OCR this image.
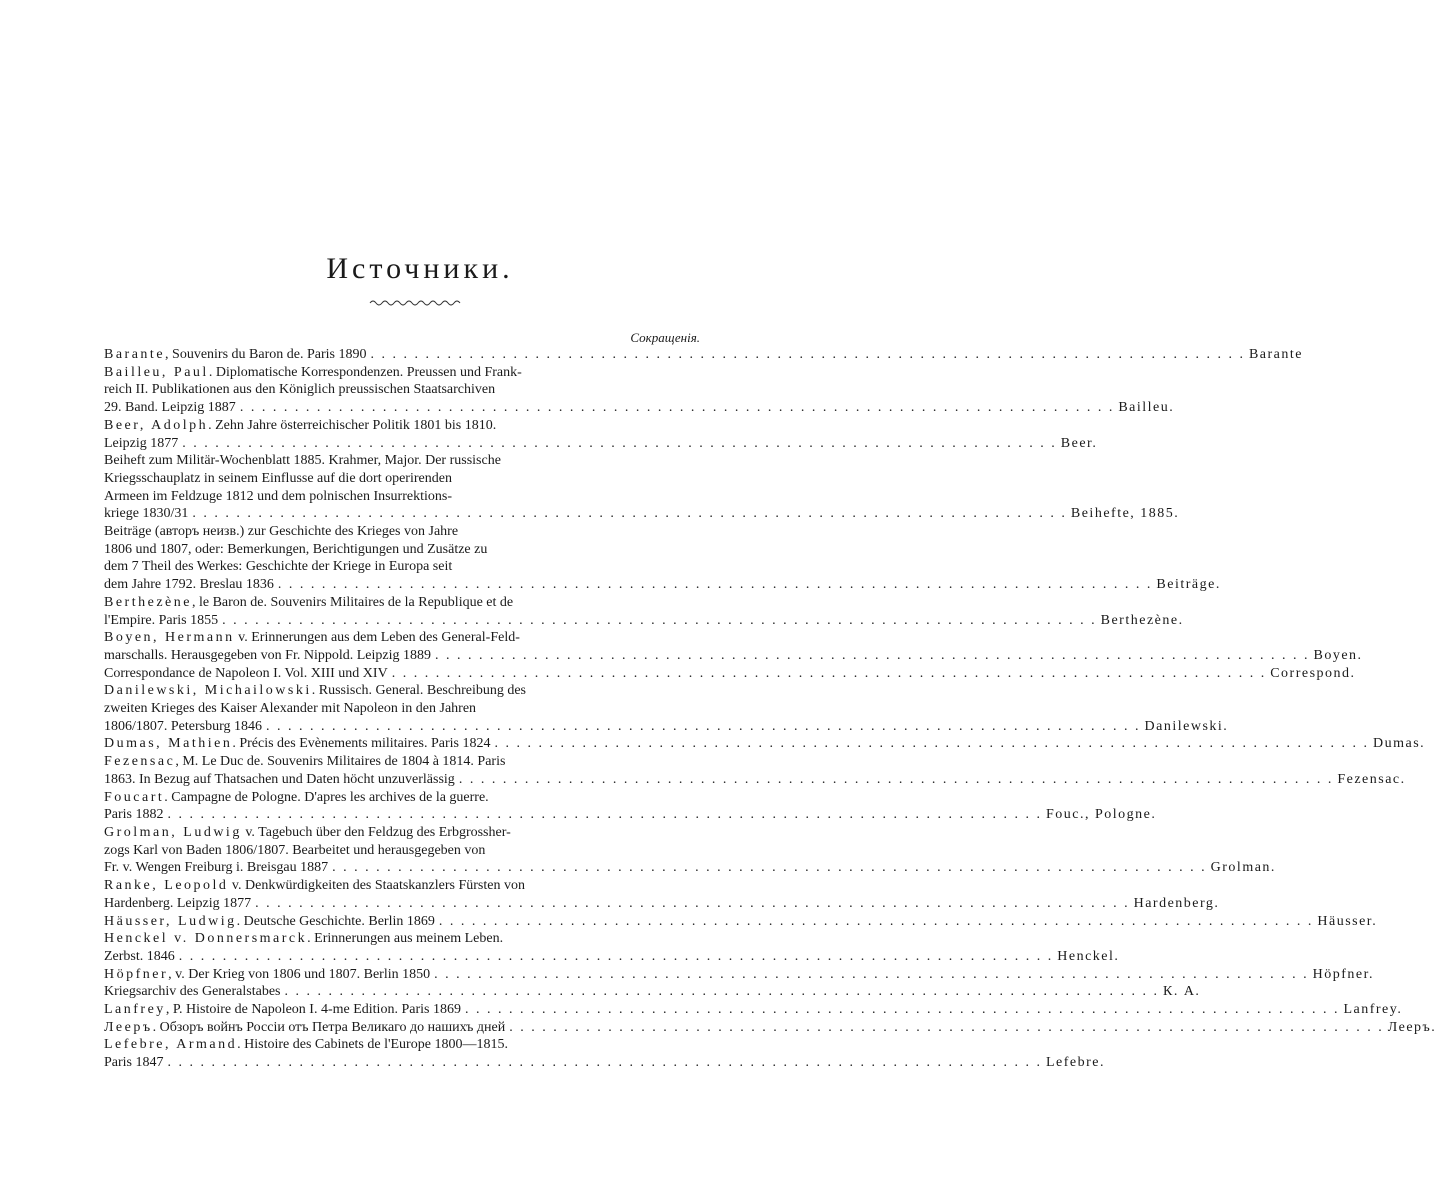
Источники.
Сокращенія.
Barante, Souvenirs du Baron de. Paris 1890 . . . . . . . . . . . . . . . . . . . . . . . . . . . . . . . . . . . . . . . . . . . . . . . . . . . . . . . . . . . . . . . . . . . . . . . . . . . . . . . . Barante
Bailleu, Paul. Diplomatische Korrespondenzen. Preussen und Frank-
reich II. Publikationen aus den Königlich preussischen Staatsarchiven
29. Band. Leipzig 1887 . . . . . . . . . . . . . . . . . . . . . . . . . . . . . . . . . . . . . . . . . . . . . . . . . . . . . . . . . . . . . . . . . . . . . . . . . . . . . . . . Bailleu.
Beer, Adolph. Zehn Jahre österreichischer Politik 1801 bis 1810.
Leipzig 1877 . . . . . . . . . . . . . . . . . . . . . . . . . . . . . . . . . . . . . . . . . . . . . . . . . . . . . . . . . . . . . . . . . . . . . . . . . . . . . . . . Beer.
Beiheft zum Militär-Wochenblatt 1885. Krahmer, Major. Der russische
Kriegsschauplatz in seinem Einflusse auf die dort operirenden
Armeen im Feldzuge 1812 und dem polnischen Insurrektions-
kriege 1830/31 . . . . . . . . . . . . . . . . . . . . . . . . . . . . . . . . . . . . . . . . . . . . . . . . . . . . . . . . . . . . . . . . . . . . . . . . . . . . . . . . Beihefte, 1885.
Beiträge (авторъ неизв.) zur Geschichte des Krieges von Jahre
1806 und 1807, oder: Bemerkungen, Berichtigungen und Zusätze zu
dem 7 Theil des Werkes: Geschichte der Kriege in Europa seit
dem Jahre 1792. Breslau 1836 . . . . . . . . . . . . . . . . . . . . . . . . . . . . . . . . . . . . . . . . . . . . . . . . . . . . . . . . . . . . . . . . . . . . . . . . . . . . . . . . Beiträge.
Berthezène, le Baron de. Souvenirs Militaires de la Republique et de
l'Empire. Paris 1855 . . . . . . . . . . . . . . . . . . . . . . . . . . . . . . . . . . . . . . . . . . . . . . . . . . . . . . . . . . . . . . . . . . . . . . . . . . . . . . . . Berthezène.
Boyen, Hermann v. Erinnerungen aus dem Leben des General-Feld-
marschalls. Herausgegeben von Fr. Nippold. Leipzig 1889 . . . . . . . . . . . . . . . . . . . . . . . . . . . . . . . . . . . . . . . . . . . . . . . . . . . . . . . . . . . . . . . . . . . . . . . . . . . . . . . . Boyen.
Correspondance de Napoleon I. Vol. XIII und XIV . . . . . . . . . . . . . . . . . . . . . . . . . . . . . . . . . . . . . . . . . . . . . . . . . . . . . . . . . . . . . . . . . . . . . . . . . . . . . . . . Correspond.
Danilewski, Michailowski. Russisch. General. Beschreibung des
zweiten Krieges des Kaiser Alexander mit Napoleon in den Jahren
1806/1807. Petersburg 1846 . . . . . . . . . . . . . . . . . . . . . . . . . . . . . . . . . . . . . . . . . . . . . . . . . . . . . . . . . . . . . . . . . . . . . . . . . . . . . . . . Danilewski.
Dumas, Mathien. Précis des Evènements militaires. Paris 1824 . . . . . . . . . . . . . . . . . . . . . . . . . . . . . . . . . . . . . . . . . . . . . . . . . . . . . . . . . . . . . . . . . . . . . . . . . . . . . . . . Dumas.
Fezensac, M. Le Duc de. Souvenirs Militaires de 1804 à 1814. Paris
1863. In Bezug auf Thatsachen und Daten höcht unzuverlässig . . . . . . . . . . . . . . . . . . . . . . . . . . . . . . . . . . . . . . . . . . . . . . . . . . . . . . . . . . . . . . . . . . . . . . . . . . . . . . . . Fezensac.
Foucart. Campagne de Pologne. D'apres les archives de la guerre.
Paris 1882 . . . . . . . . . . . . . . . . . . . . . . . . . . . . . . . . . . . . . . . . . . . . . . . . . . . . . . . . . . . . . . . . . . . . . . . . . . . . . . . . Fouc., Pologne.
Grolman, Ludwig v. Tagebuch über den Feldzug des Erbgrossher-
zogs Karl von Baden 1806/1807. Bearbeitet und herausgegeben von
Fr. v. Wengen Freiburg i. Breisgau 1887 . . . . . . . . . . . . . . . . . . . . . . . . . . . . . . . . . . . . . . . . . . . . . . . . . . . . . . . . . . . . . . . . . . . . . . . . . . . . . . . . Grolman.
Ranke, Leopold v. Denkwürdigkeiten des Staatskanzlers Fürsten von
Hardenberg. Leipzig 1877 . . . . . . . . . . . . . . . . . . . . . . . . . . . . . . . . . . . . . . . . . . . . . . . . . . . . . . . . . . . . . . . . . . . . . . . . . . . . . . . . Hardenberg.
Häusser, Ludwig. Deutsche Geschichte. Berlin 1869 . . . . . . . . . . . . . . . . . . . . . . . . . . . . . . . . . . . . . . . . . . . . . . . . . . . . . . . . . . . . . . . . . . . . . . . . . . . . . . . . Häusser.
Henckel v. Donnersmarck. Erinnerungen aus meinem Leben.
Zerbst. 1846 . . . . . . . . . . . . . . . . . . . . . . . . . . . . . . . . . . . . . . . . . . . . . . . . . . . . . . . . . . . . . . . . . . . . . . . . . . . . . . . . Henckel.
Höpfner, v. Der Krieg von 1806 und 1807. Berlin 1850 . . . . . . . . . . . . . . . . . . . . . . . . . . . . . . . . . . . . . . . . . . . . . . . . . . . . . . . . . . . . . . . . . . . . . . . . . . . . . . . . Höpfner.
Kriegsarchiv des Generalstabes . . . . . . . . . . . . . . . . . . . . . . . . . . . . . . . . . . . . . . . . . . . . . . . . . . . . . . . . . . . . . . . . . . . . . . . . . . . . . . . . К. А.
Lanfrey, P. Histoire de Napoleon I. 4-me Edition. Paris 1869 . . . . . . . . . . . . . . . . . . . . . . . . . . . . . . . . . . . . . . . . . . . . . . . . . . . . . . . . . . . . . . . . . . . . . . . . . . . . . . . . Lanfrey.
Лееръ. Обзоръ войнъ Россіи отъ Петра Великаго до нашихъ дней . . . . . . . . . . . . . . . . . . . . . . . . . . . . . . . . . . . . . . . . . . . . . . . . . . . . . . . . . . . . . . . . . . . . . . . . . . . . . . . . Лееръ.
Lefebre, Armand. Histoire des Cabinets de l'Europe 1800—1815.
Paris 1847 . . . . . . . . . . . . . . . . . . . . . . . . . . . . . . . . . . . . . . . . . . . . . . . . . . . . . . . . . . . . . . . . . . . . . . . . . . . . . . . . Lefebre.
